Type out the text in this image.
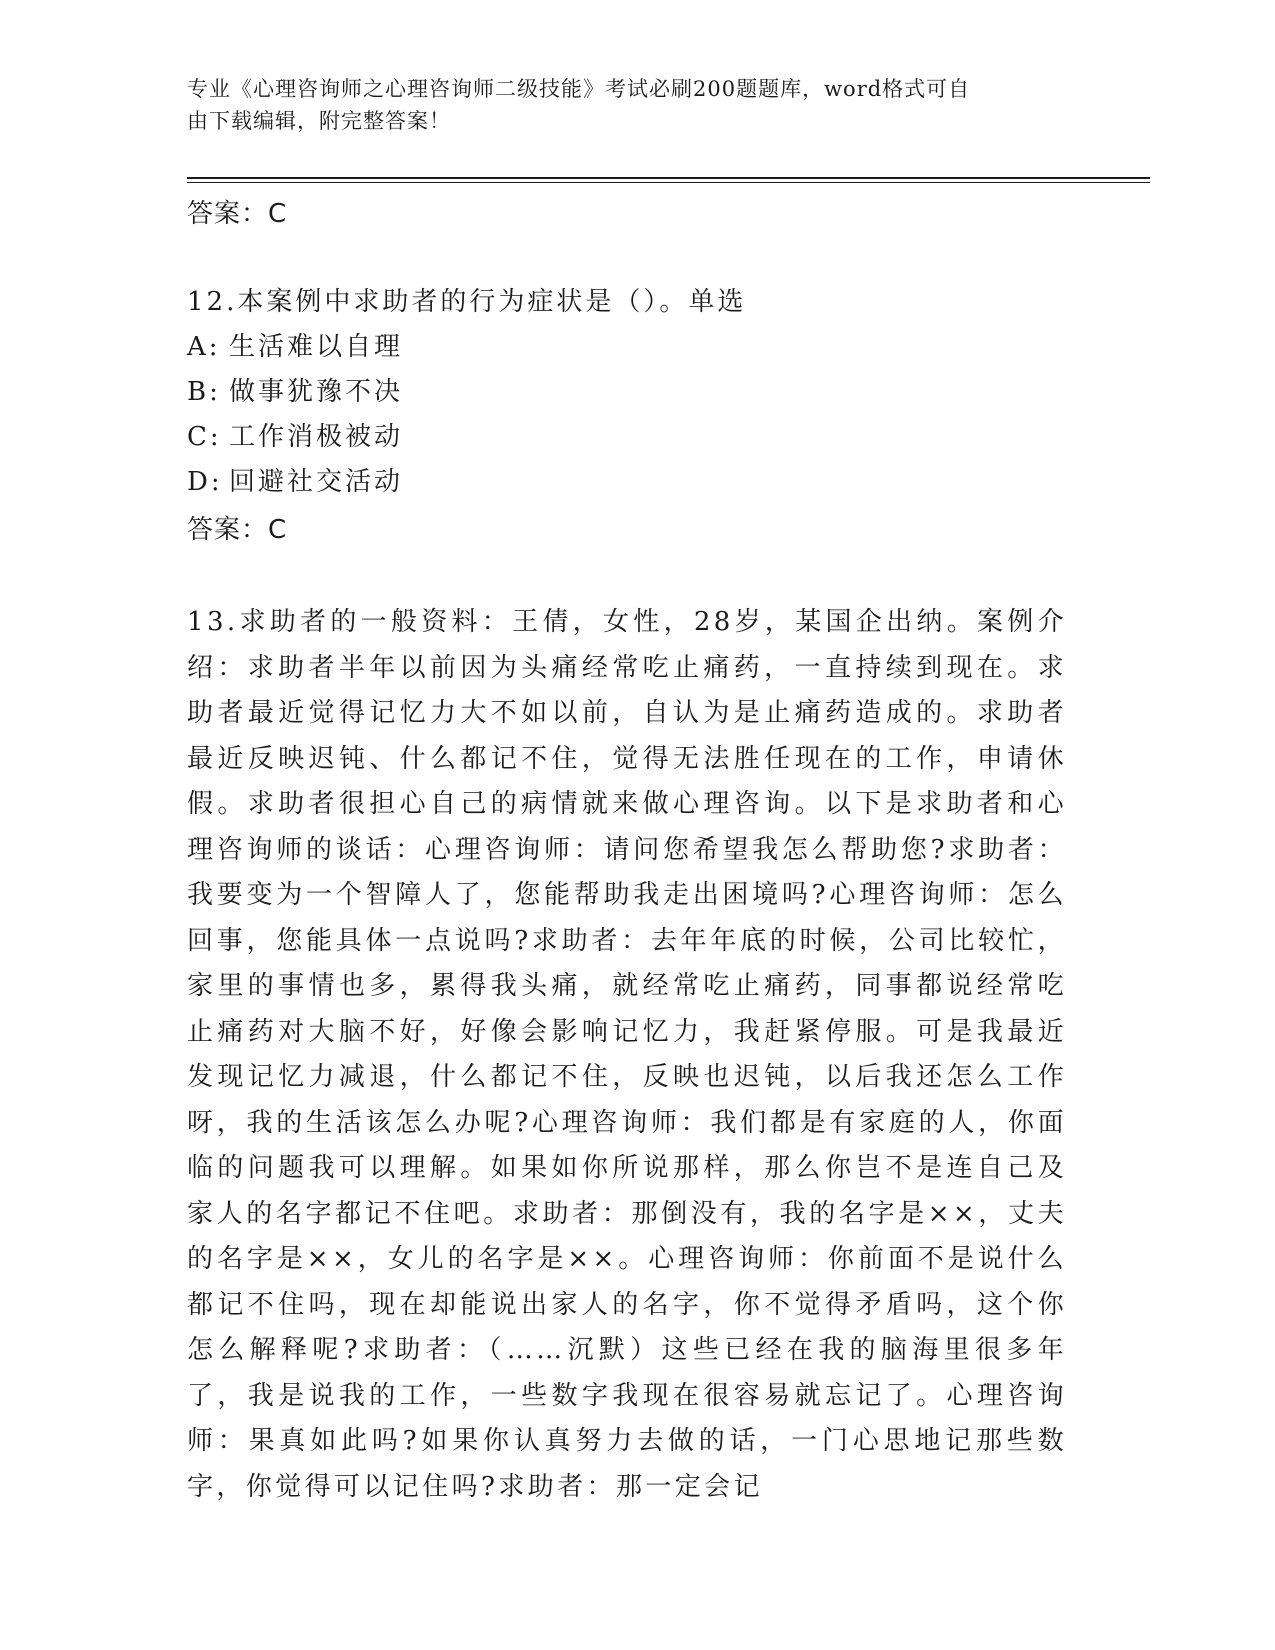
专业《心理咨询师之心理咨询师二级技能》考试必刷200题题库，word格式可自
由下载编辑，附完整答案！
答案：C
12.本案例中求助者的行为症状是（）。单选
A: 生活难以自理
B: 做事犹豫不决
C: 工作消极被动
D: 回避社交活动
答案：C
13.求助者的一般资料：王倩，女性，28岁，某国企出纳。案例介绍：求助者半年以前因为头痛经常吃止痛药，一直持续到现在。求助者最近觉得记忆力大不如以前，自认为是止痛药造成的。求助者最近反映迟钝、什么都记不住，觉得无法胜任现在的工作，申请休假。求助者很担心自己的病情就来做心理咨询。以下是求助者和心理咨询师的谈话：心理咨询师：请问您希望我怎么帮助您?求助者：我要变为一个智障人了，您能帮助我走出困境吗?心理咨询师：怎么回事，您能具体一点说吗?求助者：去年年底的时候，公司比较忙，家里的事情也多，累得我头痛，就经常吃止痛药，同事都说经常吃止痛药对大脑不好，好像会影响记忆力，我赶紧停服。可是我最近发现记忆力减退，什么都记不住，反映也迟钝，以后我还怎么工作呀，我的生活该怎么办呢?心理咨询师：我们都是有家庭的人，你面临的问题我可以理解。如果如你所说那样，那么你岂不是连自己及家人的名字都记不住吧。求助者：那倒没有，我的名字是××，丈夫的名字是××，女儿的名字是××。心理咨询师：你前面不是说什么都记不住吗，现在却能说出家人的名字，你不觉得矛盾吗，这个你怎么解释呢?求助者：（……沉默）这些已经在我的脑海里很多年了，我是说我的工作，一些数字我现在很容易就忘记了。心理咨询师：果真如此吗?如果你认真努力去做的话，一门心思地记那些数字，你觉得可以记住吗?求助者：那一定会记
